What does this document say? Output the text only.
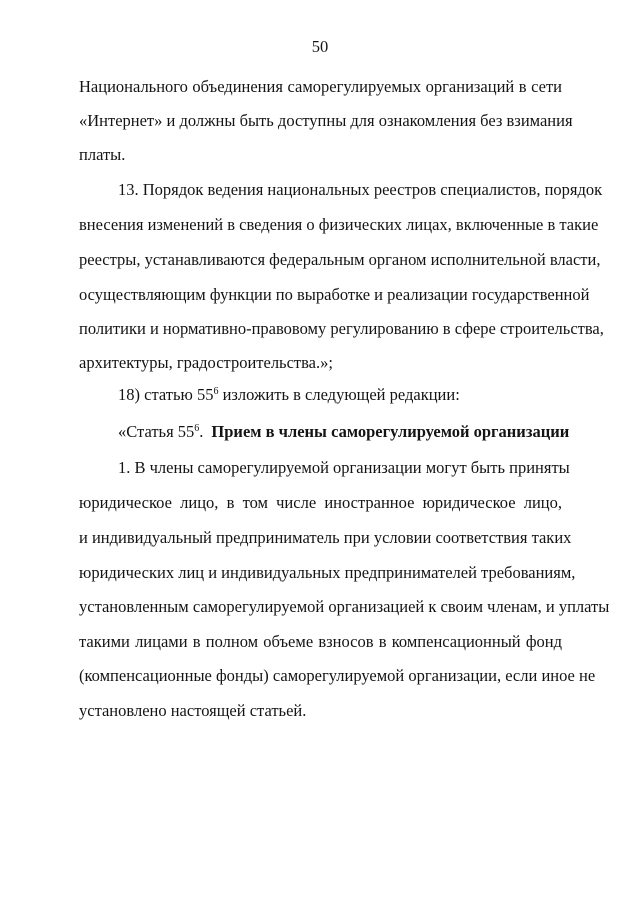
50
Национального объединения саморегулируемых организаций в сети
«Интернет» и должны быть доступны для ознакомления без взимания
платы.
13. Порядок ведения национальных реестров специалистов, порядок
внесения изменений в сведения о физических лицах, включенные в такие
реестры, устанавливаются федеральным органом исполнительной власти,
осуществляющим функции по выработке и реализации государственной
политики и нормативно-правовому регулированию в сфере строительства,
архитектуры, градостроительства.»;
18) статью $55^6$ изложить в следующей редакции:
«Статья $55^6$. Прием в члены саморегулируемой организации
1. В члены саморегулируемой организации могут быть приняты
юридическое лицо, в том числе иностранное юридическое лицо,
и индивидуальный предприниматель при условии соответствия таких
юридических лиц и индивидуальных предпринимателей требованиям,
установленным саморегулируемой организацией к своим членам, и уплаты
такими лицами в полном объеме взносов в компенсационный фонд
(компенсационные фонды) саморегулируемой организации, если иное не
установлено настоящей статьей.
